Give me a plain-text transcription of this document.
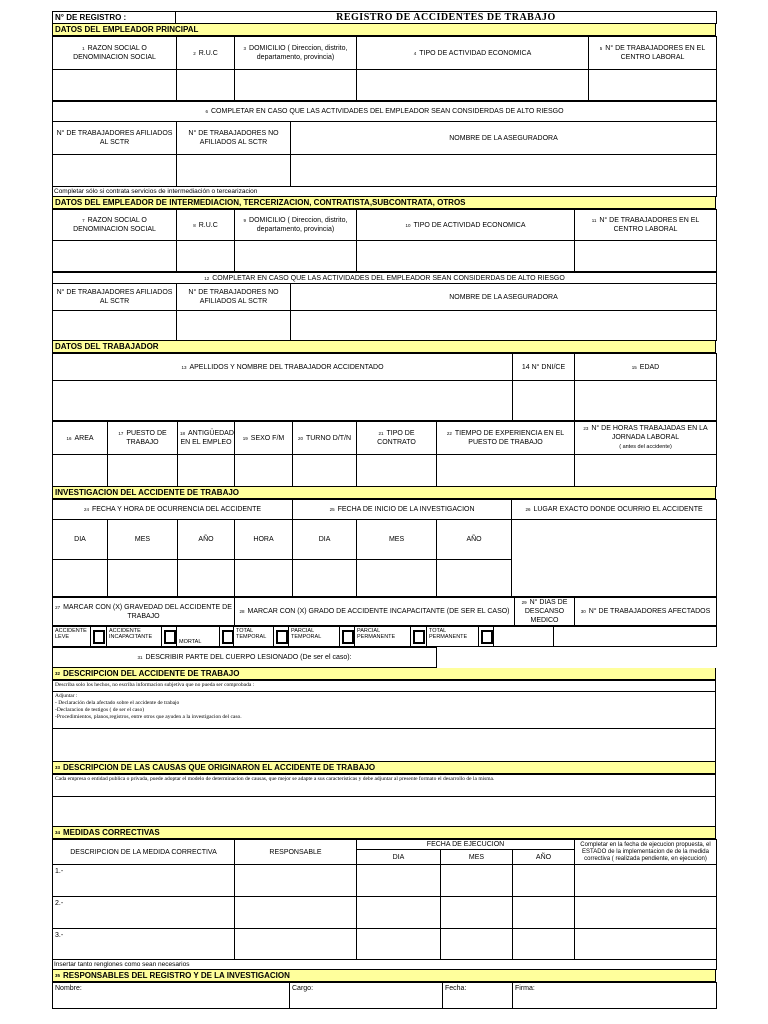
N° DE REGISTRO :	REGISTRO DE ACCIDENTES DE TRABAJO
DATOS DEL EMPLEADOR PRINCIPAL
$^1$ RAZON SOCIAL O DENOMINACION SOCIAL	$^2$ R.U.C	$^3$ DOMICILIO ( Direccion, distrito, departamento, provincia)	$^4$ TIPO DE ACTIVIDAD ECONOMICA	$^5$ N° DE TRABAJADORES EN EL CENTRO LABORAL

$^6$ COMPLETAR EN CASO QUE LAS ACTIVIDADES DEL EMPLEADOR SEAN CONSIDERDAS DE ALTO RIESGO		
N° DE TRABAJADORES AFILIADOS AL SCTR	N° DE TRABAJADORES NO AFILIADOS AL SCTR	NOMBRE DE LA ASEGURADORA

Completar sólo si contrata servicios de intermediación o tercearizacion		
DATOS DEL EMPLEADOR DE INTERMEDIACION, TERCERIZACION, CONTRATISTA,SUBCONTRATA, OTROS
$^7$ RAZON SOCIAL O DENOMINACION SOCIAL	$^8$ R.U.C	$^9$ DOMICILIO ( Direccion, distrito, departamento, provincia)	$^{10}$ TIPO DE ACTIVIDAD ECONOMICA	$^{11}$ N° DE TRABAJADORES EN EL CENTRO LABORAL

$^{12}$ COMPLETAR EN CASO QUE LAS ACTIVIDADES DEL EMPLEADOR SEAN CONSIDERDAS DE ALTO RIESGO		
N° DE TRABAJADORES AFILIADOS AL SCTR	N° DE TRABAJADORES NO AFILIADOS AL SCTR	NOMBRE DE LA ASEGURADORA

DATOS DEL TRABAJADOR
$^{13}$ APELLIDOS Y NOMBRE DEL TRABAJADOR ACCIDENTADO	14 N° DNI/CE	$^{15}$ EDAD

$^{16}$ AREA	$^{17}$ PUESTO DE TRABAJO	$^{18}$ ANTIGÜEDAD EN EL EMPLEO	$^{19}$ SEXO F/M	$^{20}$ TURNO D/T/N	$^{21}$ TIPO DE CONTRATO	$^{22}$ TIEMPO DE EXPERIENCIA EN EL PUESTO DE TRABAJO	$^{23}$ N° DE HORAS TRABAJADAS EN LA JORNADA LABORAL
( antes del accidente)

INVESTIGACION DEL ACCIDENTE DE TRABAJO
$^{24}$ FECHA Y HORA DE OCURRENCIA DEL ACCIDENTE				$^{25}$ FECHA DE INICIO DE LA INVESTIGACION			$^{26}$ LUGAR EXACTO DONDE OCURRIO EL ACCIDENTE
DIA	MES	AÑO	HORA	DIA	MES	AÑO	

$^{27}$ MARCAR CON (X) GRAVEDAD DEL ACCIDENTE DE TRABAJO	$^{28}$ MARCAR CON (X) GRADO DE ACCIDENTE INCAPACITANTE (DE SER EL CASO)	$^{29}$ N° DIAS DE DESCANSO MEDICO	$^{30}$ N° DE TRABAJADORES AFECTADOS
ACCIDENTE LEVE		ACCIDENTE INCAPACITANTE		MORTAL		TOTAL TEMPORAL		PARCIAL TEMPORAL		PARCIAL PERMANENTE		TOTAL PERMANENTE			
$^{31}$ DESCRIBIR PARTE DEL CUERPO LESIONADO (De ser el caso):	
$^{32}$ DESCRIPCION DEL ACCIDENTE DE TRABAJO
Describa solo los hechos, no escriba informacion subjetiva que no pueda ser comprobada :

Adjuntar :
- Declaración dela afectado sobre el accidente de trabajo
-Declaracion de testigos ( de ser el caso)
-Procedimientos, planos,registros, entre otros que ayuden a la investigacion del caso.

$^{33}$ DESCRIPCION DE LAS CAUSAS QUE ORIGINARON EL ACCIDENTE DE TRABAJO
Cada empresa o entidad publica o privada, puede adoptar el modelo de determinacion de causas, que mejor se adapte a sus caracteristicas y debe adjuntar al presente formato el desarrollo de la misma.

$^{34}$ MEDIDAS CORRECTIVAS
DESCRIPCION DE LA MEDIDA CORRECTIVA	RESPONSABLE	FECHA DE EJECUCION			Completar en la fecha de ejecucion propuesta, el ESTADO de la implementacion de de la medida correctiva ( realizada pendiente, en ejecucion)
		DIA	MES	AÑO	
1.-					
2.-					
3.-					
Insertar tanto renglones como sean necesarios					
$^{35}$ RESPONSABLES DEL REGISTRO Y DE LA INVESTIGACION
Nombre:	Cargo:	Fecha:	Firma:
